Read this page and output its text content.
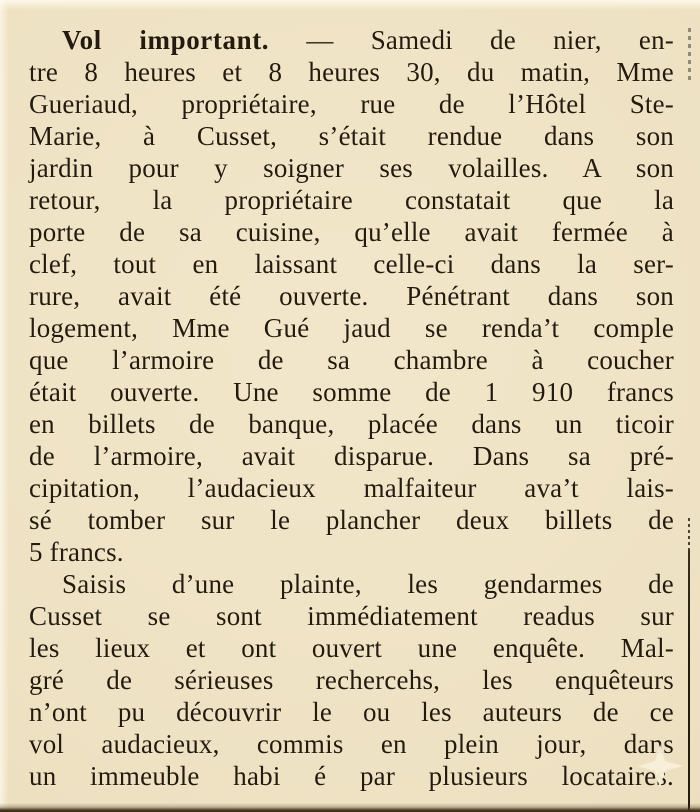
Vol important. — Samedi de nier, en-
tre 8 heures et 8 heures 30, du matin, Mme
Gueriaud, propriétaire, rue de l’Hôtel Ste-
Marie, à Cusset, s’était rendue dans son
jardin pour y soigner ses volailles. A son
retour, la propriétaire constatait que la
porte de sa cuisine, qu’elle avait fermée à
clef, tout en laissant celle-ci dans la ser-
rure, avait été ouverte. Pénétrant dans son
logement, Mme Gué jaud se renda’t comple
que l’armoire de sa chambre à coucher
était ouverte. Une somme de 1 910 francs
en billets de banque, placée dans un ticoir
de l’armoire, avait disparue. Dans sa pré-
cipitation, l’audacieux malfaiteur ava’t lais-
sé tomber sur le plancher deux billets de
5 francs.
Saisis d’une plainte, les gendarmes de
Cusset se sont immédiatement readus sur
les lieux et ont ouvert une enquête. Mal-
gré de sérieuses rechercehs, les enquêteurs
n’ont pu découvrir le ou les auteurs de ce
vol audacieux, commis en plein jour, dans
un immeuble habi é par plusieurs locataires.
